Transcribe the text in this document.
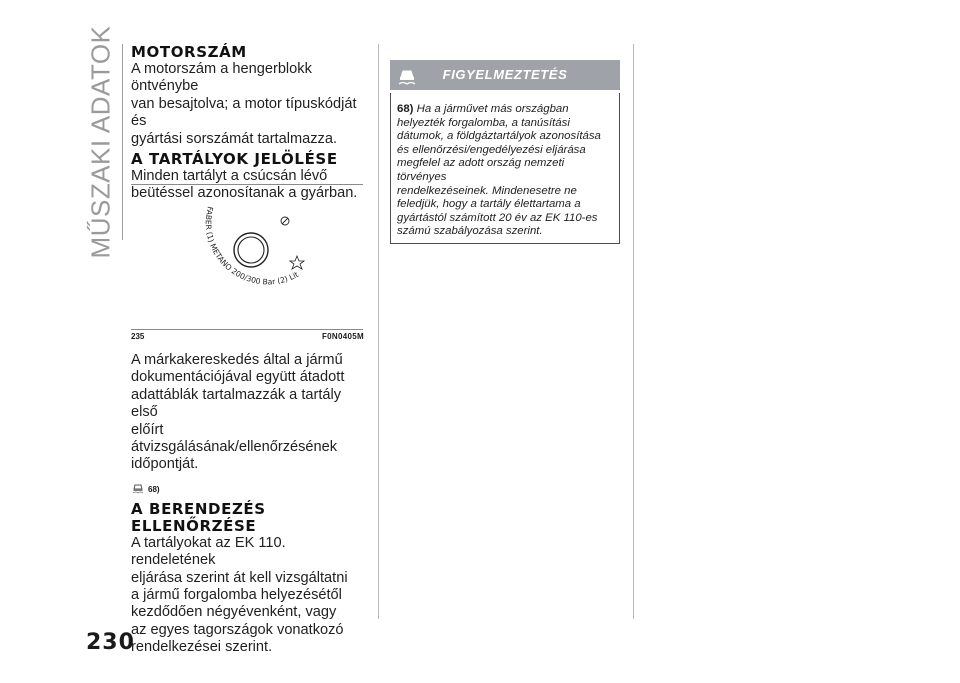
MŰSZAKI ADATOK
230
MOTORSZÁM

A motorszám a hengerblokk öntvénybe

van besajtolva; a motor típuskódját és

gyártási sorszámát tartalmazza.

A TARTÁLYOK JELÖLÉSE

Minden tartályt a csúcsán lévő

beütéssel azonosítanak a gyárban.

FABER (1) METANO 200/300 Bar (2) Lit
235	F0N0405M

A márkakereskedés által a jármű

dokumentációjával együtt átadott

adattáblák tartalmazzák a tartály első

előírt átvizsgálásának/ellenőrzésének

időpontját.

68)
A BERENDEZÉS
ELLENŐRZÉSE

A tartályokat az EK 110. rendeletének

eljárása szerint át kell vizsgáltatni

a jármű forgalomba helyezésétől

kezdődően négyévenként, vagy

az egyes tagországok vonatkozó

rendelkezései szerint.

FIGYELMEZTETÉS
68) Ha a járművet más országban
helyezték forgalomba, a tanúsítási
dátumok, a földgáztartályok azonosítása
és ellenőrzési/engedélyezési eljárása
megfelel az adott ország nemzeti törvényes
rendelkezéseinek. Mindenesetre ne
feledjük, hogy a tartály élettartama a
gyártástól számított 20 év az EK 110-es
számú szabályozása szerint.
